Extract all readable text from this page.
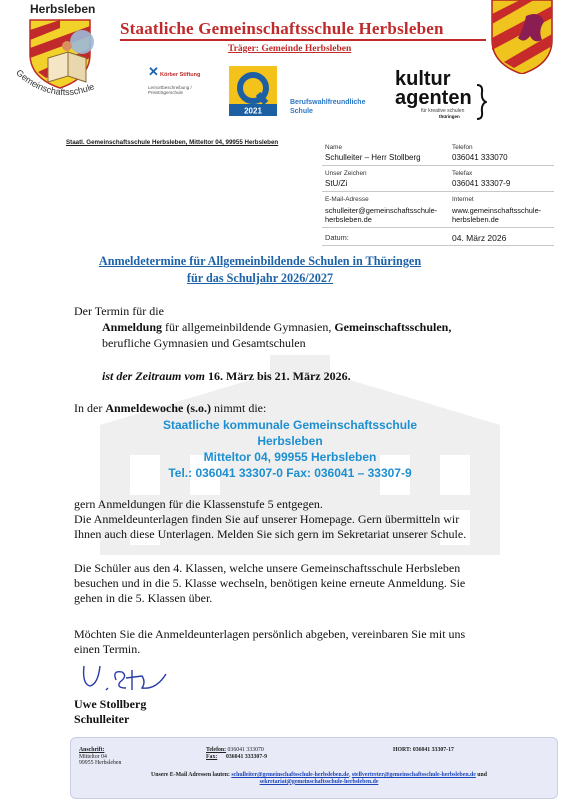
Herbsleben
Gemeinschaftsschule
Staatliche Gemeinschaftsschule Herbsleben
Träger: Gemeinde Herbsleben
✕ Körber Stiftung
Lernortbeschreibung / Preisträgerschule
2021
Berufswahlfreundliche
Schule
kultur
agenten
für kreative schulen
thüringen
Staatl. Gemeinschaftsschule Herbsleben, Mitteltor 04, 99955 Herbsleben
Name
Schulleiter – Herr Stollberg
Telefon
036041 333070
Unser Zeichen
StU/Zi
Telefax
036041 33307-9
E-Mail-Adresse
schulleiter@gemeinschaftsschule-
herbsleben.de
Internet
www.gemeinschaftsschule-
herbsleben.de
Datum:	04. März 2026
Anmeldetermine für Allgemeinbildende Schulen in Thüringen
für das Schuljahr 2026/2027
Der Termin für die
Anmeldung für allgemeinbildende Gymnasien, Gemeinschaftsschulen,
berufliche Gymnasien und Gesamtschulen
ist der Zeitraum vom 16. März bis 21. März 2026.
In der Anmeldewoche (s.o.) nimmt die:
Staatliche kommunale Gemeinschaftsschule
Herbsleben
Mitteltor 04, 99955 Herbsleben
Tel.: 036041 33307-0 Fax: 036041 – 33307-9
gern Anmeldungen für die Klassenstufe 5 entgegen.
Die Anmeldeunterlagen finden Sie auf unserer Homepage. Gern übermitteln wir
Ihnen auch diese Unterlagen. Melden Sie sich gern im Sekretariat unserer Schule.
Die Schüler aus den 4. Klassen, welche unsere Gemeinschaftsschule Herbsleben
besuchen und in die 5. Klasse wechseln, benötigen keine erneute Anmeldung. Sie
gehen in die 5. Klassen über.
Möchten Sie die Anmeldeunterlagen persönlich abgeben, vereinbaren Sie mit uns
einen Termin.
Uwe Stollberg
Schulleiter
Anschrift:
Mitteltor 04
99955 Herbsleben
Telefon: 036041 333070
Fax: 036041 333307-9
HORT: 036041 33307-17
Unsere E-Mail Adressen lauten: schulleiter@gemeinschaftsschule-herbsleben.de, stellvertreter@gemeinschaftsschule-herbsleben.de und
sekretariat@gemeinschaftsschule-herbsleben.de
